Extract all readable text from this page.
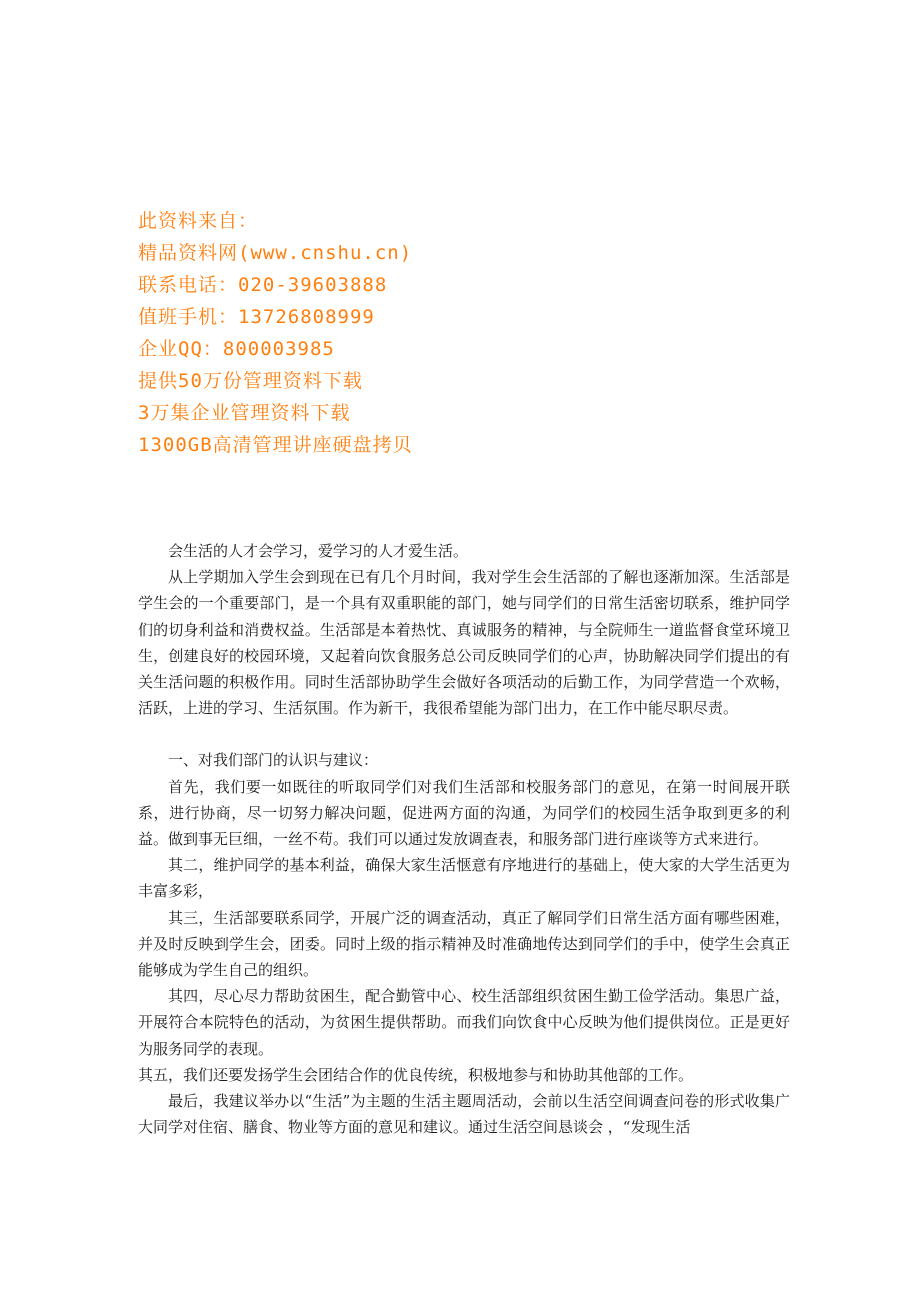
此资料来自：
精品资料网(www.cnshu.cn)
联系电话：020-39603888
值班手机：13726808999
企业QQ：800003985
提供50万份管理资料下载
3万集企业管理资料下载
1300GB高清管理讲座硬盘拷贝

会生活的人才会学习，爱学习的人才爱生活。

从上学期加入学生会到现在已有几个月时间，我对学生会生活部的了解也逐渐加深。生活部是学生会的一个重要部门，是一个具有双重职能的部门，她与同学们的日常生活密切联系，维护同学们的切身利益和消费权益。生活部是本着热忱、真诚服务的精神，与全院师生一道监督食堂环境卫生，创建良好的校园环境，又起着向饮食服务总公司反映同学们的心声，协助解决同学们提出的有关生活问题的积极作用。同时生活部协助学生会做好各项活动的后勤工作，为同学营造一个欢畅，活跃，上进的学习、生活氛围。作为新干，我很希望能为部门出力，在工作中能尽职尽责。

一、对我们部门的认识与建议：

首先，我们要一如既往的听取同学们对我们生活部和校服务部门的意见，在第一时间展开联系，进行协商，尽一切努力解决问题，促进两方面的沟通，为同学们的校园生活争取到更多的利益。做到事无巨细，一丝不苟。我们可以通过发放调查表，和服务部门进行座谈等方式来进行。

其二，维护同学的基本利益，确保大家生活惬意有序地进行的基础上，使大家的大学生活更为丰富多彩，

其三，生活部要联系同学，开展广泛的调查活动，真正了解同学们日常生活方面有哪些困难，并及时反映到学生会，团委。同时上级的指示精神及时准确地传达到同学们的手中，使学生会真正能够成为学生自己的组织。

其四，尽心尽力帮助贫困生，配合勤管中心、校生活部组织贫困生勤工俭学活动。集思广益，开展符合本院特色的活动，为贫困生提供帮助。而我们向饮食中心反映为他们提供岗位。正是更好为服务同学的表现。

其五，我们还要发扬学生会团结合作的优良传统，积极地参与和协助其他部的工作。

最后，我建议举办以“生活”为主题的生活主题周活动，会前以生活空间调查问卷的形式收集广大同学对住宿、膳食、物业等方面的意见和建议。通过生活空间恳谈会 ，“发现生活
